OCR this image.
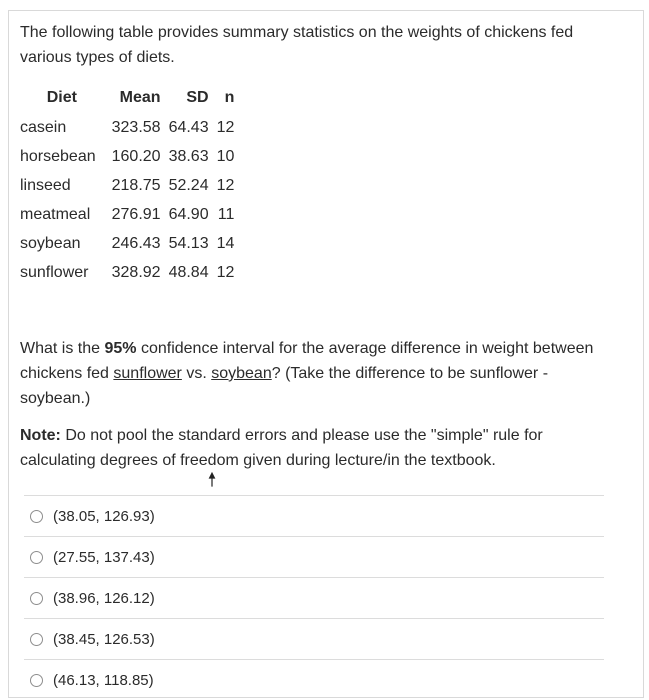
The following table provides summary statistics on the weights of chickens fed various types of diets.
Diet	Mean	SD	n
casein	323.58	64.43	12
horsebean	160.20	38.63	10
linseed	218.75	52.24	12
meatmeal	276.91	64.90	11
soybean	246.43	54.13	14
sunflower	328.92	48.84	12
What is the 95% confidence interval for the average difference in weight between chickens fed sunflower vs. soybean? (Take the difference to be sunflower - soybean.)
Note: Do not pool the standard errors and please use the "simple" rule for calculating degrees of freedom given during lecture/in the textbook.
(38.05, 126.93)
(27.55, 137.43)
(38.96, 126.12)
(38.45, 126.53)
(46.13, 118.85)
